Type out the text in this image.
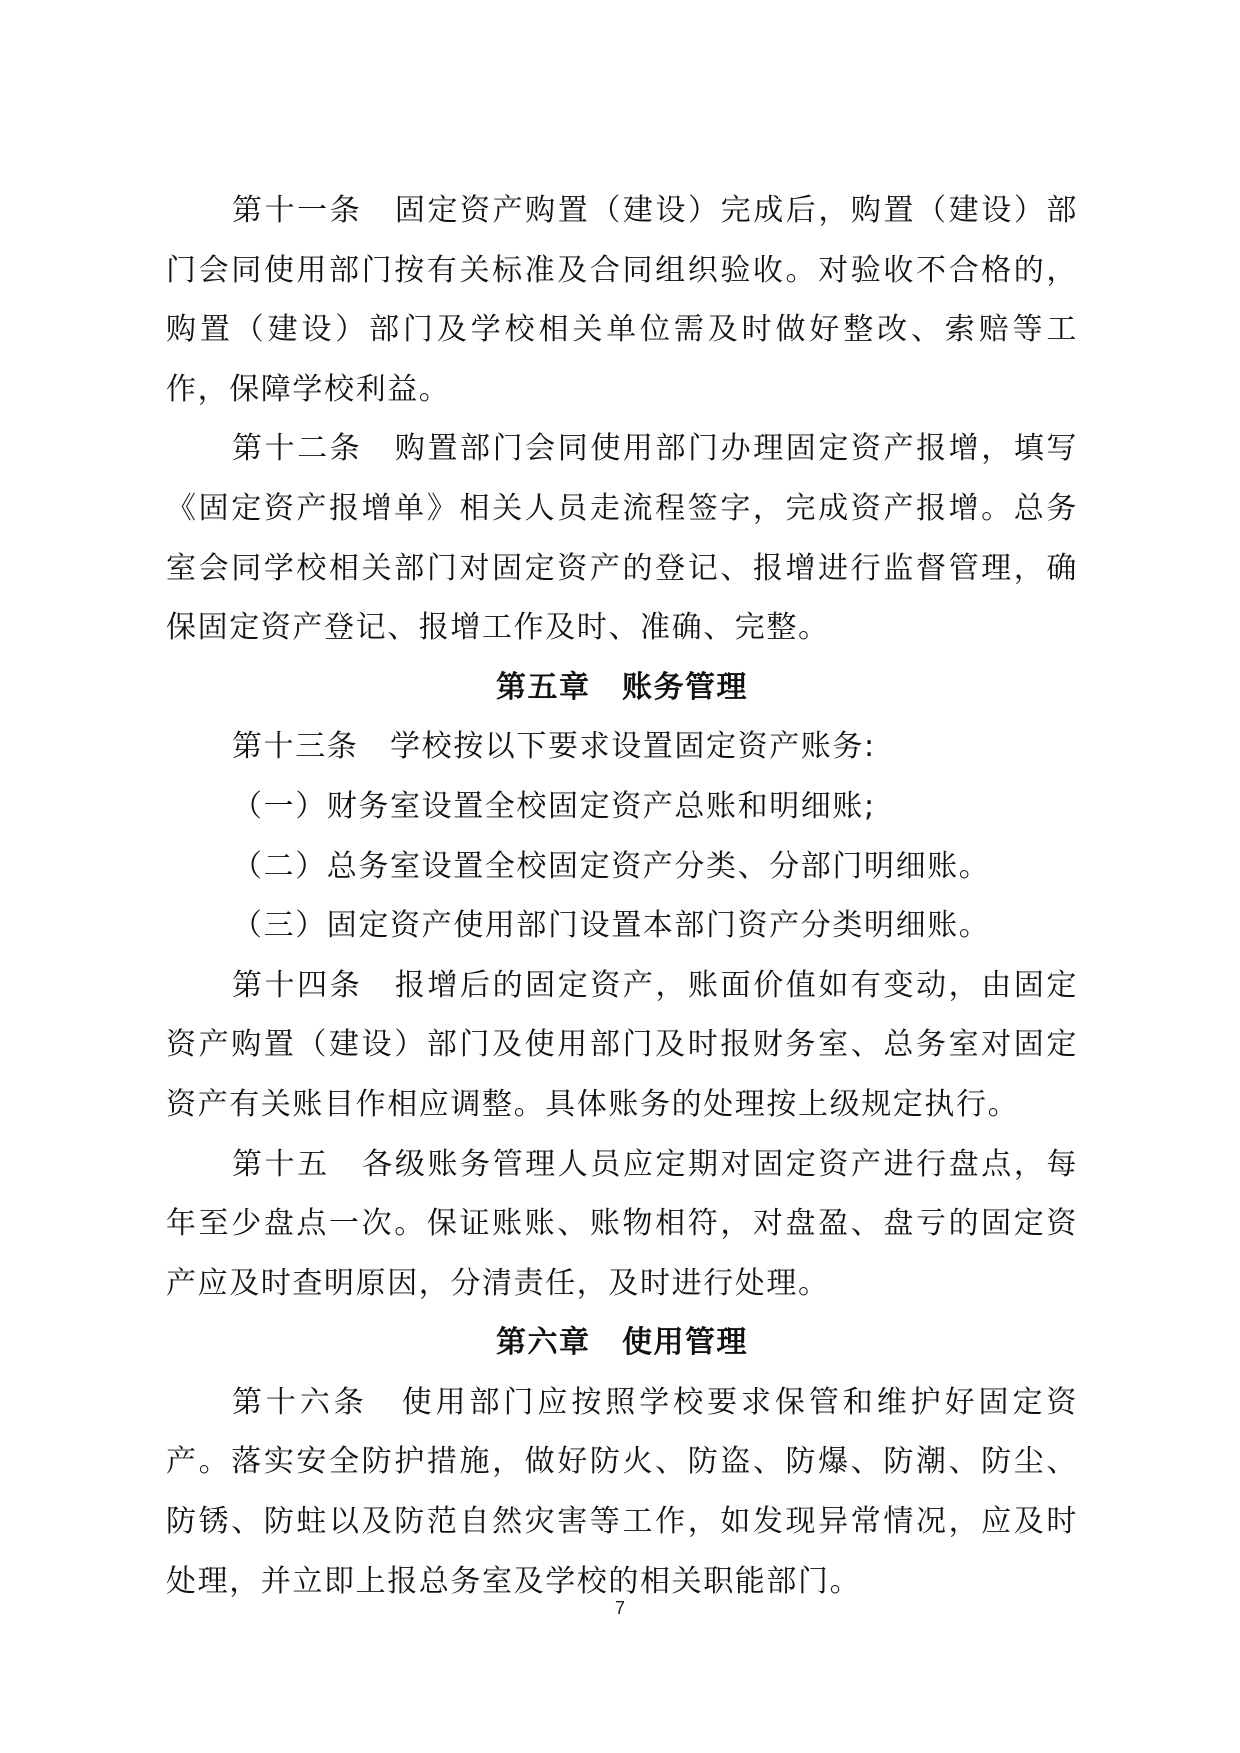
第十一条　固定资产购置（建设）完成后，购置（建设）部门会同使用部门按有关标准及合同组织验收。对验收不合格的，购置（建设）部门及学校相关单位需及时做好整改、索赔等工作，保障学校利益。

第十二条　购置部门会同使用部门办理固定资产报增，填写《固定资产报增单》相关人员走流程签字，完成资产报增。总务室会同学校相关部门对固定资产的登记、报增进行监督管理，确保固定资产登记、报增工作及时、准确、完整。

第五章　账务管理

第十三条　学校按以下要求设置固定资产账务:

（一）财务室设置全校固定资产总账和明细账;

（二）总务室设置全校固定资产分类、分部门明细账。

（三）固定资产使用部门设置本部门资产分类明细账。

第十四条　报增后的固定资产，账面价值如有变动，由固定资产购置（建设）部门及使用部门及时报财务室、总务室对固定资产有关账目作相应调整。具体账务的处理按上级规定执行。

第十五　各级账务管理人员应定期对固定资产进行盘点，每年至少盘点一次。保证账账、账物相符，对盘盈、盘亏的固定资产应及时查明原因，分清责任，及时进行处理。

第六章　使用管理

第十六条　使用部门应按照学校要求保管和维护好固定资产。落实安全防护措施，做好防火、防盗、防爆、防潮、防尘、防锈、防蛀以及防范自然灾害等工作，如发现异常情况，应及时处理，并立即上报总务室及学校的相关职能部门。

7
